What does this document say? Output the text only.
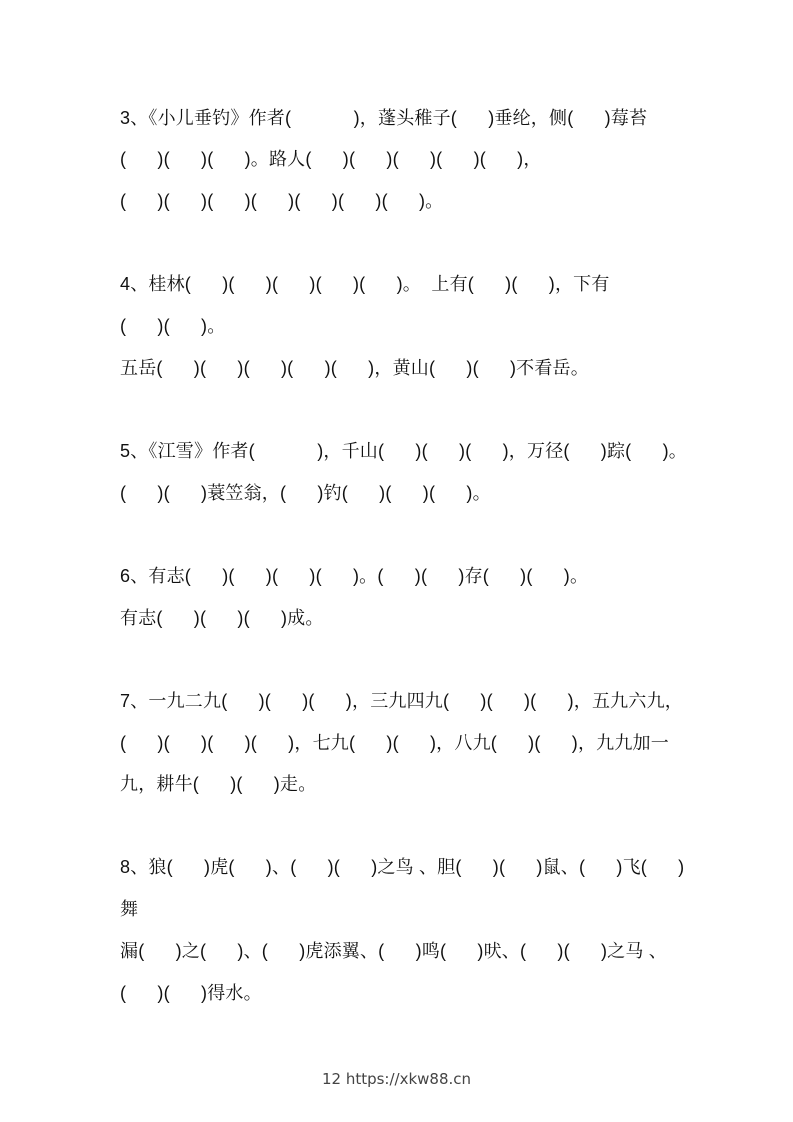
3、《小儿垂钓》作者(            )，蓬头稚子(      )垂纶，侧(      )莓苔
(      )(      )(      )。路人(      )(      )(      )(      )(      )，
(      )(      )(      )(      )(      )(      )(      )。
4、桂林(      )(      )(      )(      )(      )。  上有(      )(      )，下有
(      )(      )。
五岳(      )(      )(      )(      )(      )，黄山(      )(      )不看岳。
5、《江雪》作者(            )，千山(      )(      )(      )，万径(      )踪(      )。
(      )(      )蓑笠翁，(      )钓(      )(      )(      )。
6、有志(      )(      )(      )(      )。(      )(      )存(      )(      )。
有志(      )(      )(      )成。
7、一九二九(      )(      )(      )，三九四九(      )(      )(      )，五九六九，
(      )(      )(      )(      )，七九(      )(      )，八九(      )(      )，九九加一
九，耕牛(      )(      )走。
8、狼(      )虎(      )、(      )(      )之鸟 、胆(      )(      )鼠、(      )飞(      )
舞
漏(      )之(      )、(      )虎添翼、(      )鸣(      )吠、(      )(      )之马 、
(      )(      )得水。
12 https://xkw88.cn
